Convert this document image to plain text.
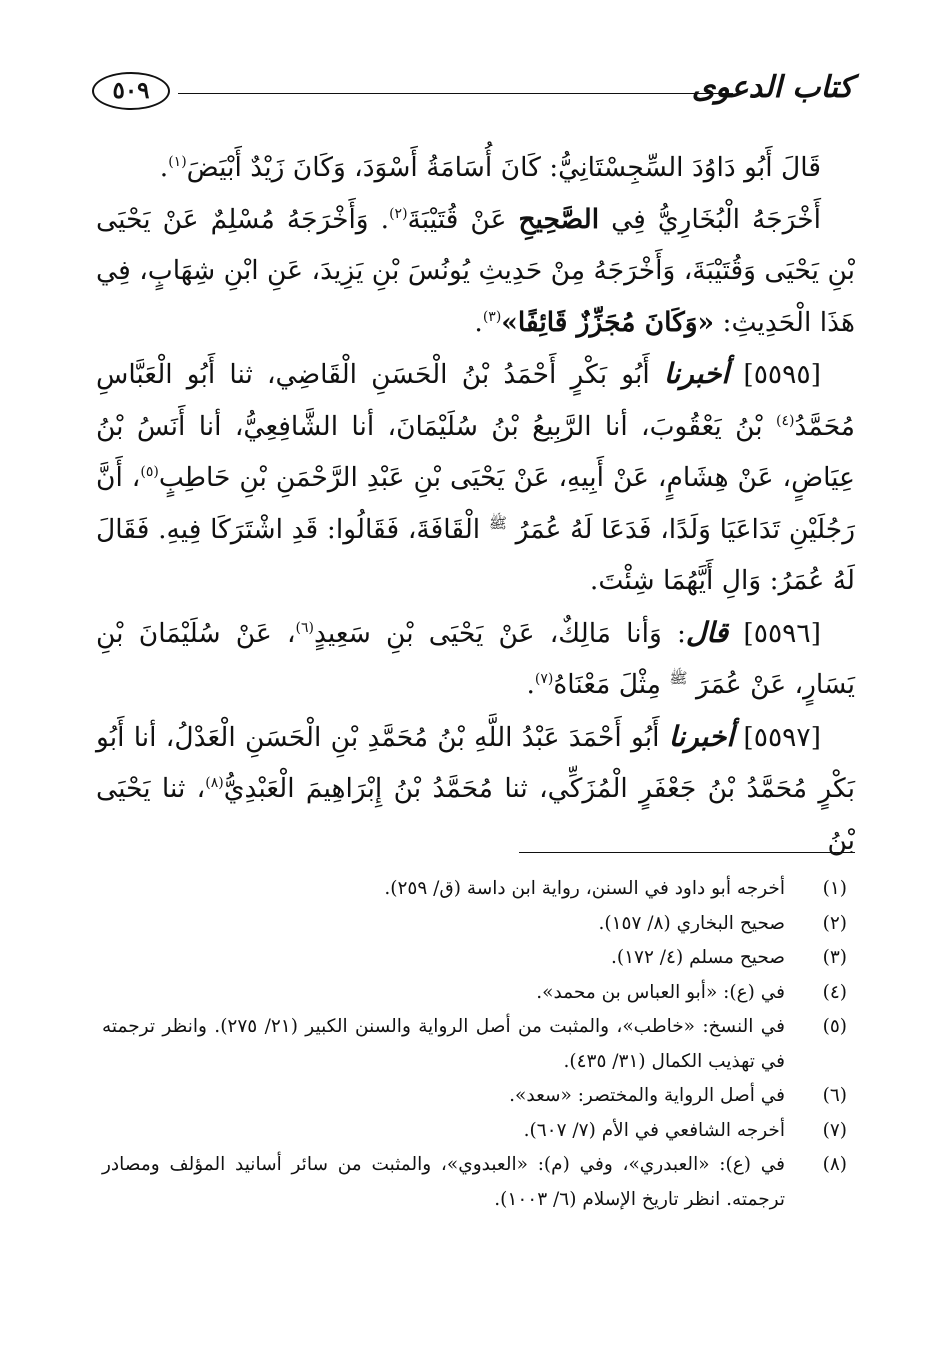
كتاب الدعوى
٥٠٩

قَالَ أَبُو دَاوُدَ السِّجِسْتَانِيُّ: كَانَ أُسَامَةُ أَسْوَدَ، وَكَانَ زَيْدٌ أَبْيَضَ$^{(١)}$.

أَخْرَجَهُ الْبُخَارِيُّ فِي الصَّحِيحِ عَنْ قُتَيْبَةَ$^{(٢)}$. وَأَخْرَجَهُ مُسْلِمٌ عَنْ يَحْيَى بْنِ يَحْيَى وَقُتَيْبَةَ، وَأَخْرَجَهُ مِنْ حَدِيثِ يُونُسَ بْنِ يَزِيدَ، عَنِ ابْنِ شِهَابٍ، فِي هَذَا الْحَدِيثِ: «وَكَانَ مُجَزِّزٌ قَائِفًا»$^{(٣)}$.

[٥٥٩٥] أخبرنا أَبُو بَكْرٍ أَحْمَدُ بْنُ الْحَسَنِ الْقَاضِي، ثنا أَبُو الْعَبَّاسِ مُحَمَّدُ$^{(٤)}$ بْنُ يَعْقُوبَ، أنا الرَّبِيعُ بْنُ سُلَيْمَانَ، أنا الشَّافِعِيُّ، أنا أَنَسُ بْنُ عِيَاضٍ، عَنْ هِشَامٍ، عَنْ أَبِيهِ، عَنْ يَحْيَى بْنِ عَبْدِ الرَّحْمَنِ بْنِ حَاطِبٍ$^{(٥)}$، أَنَّ رَجُلَيْنِ تَدَاعَيَا وَلَدًا، فَدَعَا لَهُ عُمَرُ $^ﷺ$ الْقَافَةَ، فَقَالُوا: قَدِ اشْتَرَكَا فِيهِ. فَقَالَ لَهُ عُمَرُ: وَالِ أَيَّهُمَا شِئْتَ.

[٥٥٩٦] قال: وَأنا مَالِكٌ، عَنْ يَحْيَى بْنِ سَعِيدٍ$^{(٦)}$، عَنْ سُلَيْمَانَ بْنِ يَسَارٍ، عَنْ عُمَرَ $^ﷺ$ مِثْلَ مَعْنَاهُ$^{(٧)}$.

[٥٥٩٧] أخبرنا أَبُو أَحْمَدَ عَبْدُ اللَّهِ بْنُ مُحَمَّدِ بْنِ الْحَسَنِ الْعَدْلُ، أنا أَبُو بَكْرٍ مُحَمَّدُ بْنُ جَعْفَرٍ الْمُزَكِّي، ثنا مُحَمَّدُ بْنُ إِبْرَاهِيمَ الْعَبْدِيُّ$^{(٨)}$، ثنا يَحْيَى بْنُ

(١)
أخرجه أبو داود في السنن، رواية ابن داسة (ق/ ٢٥٩).
(٢)
صحيح البخاري (٨/ ١٥٧).
(٣)
صحيح مسلم (٤/ ١٧٢).
(٤)
في (ع): «أبو العباس بن محمد».
(٥)
في النسخ: «خاطب»، والمثبت من أصل الرواية والسنن الكبير (٢١/ ٢٧٥). وانظر ترجمته في تهذيب الكمال (٣١/ ٤٣٥).
(٦)
في أصل الرواية والمختصر: «سعد».
(٧)
أخرجه الشافعي في الأم (٧/ ٦٠٧).
(٨)
في (ع): «العبدري»، وفي (م): «العبدوي»، والمثبت من سائر أسانيد المؤلف ومصادر ترجمته. انظر تاريخ الإسلام (٦/ ١٠٠٣).
